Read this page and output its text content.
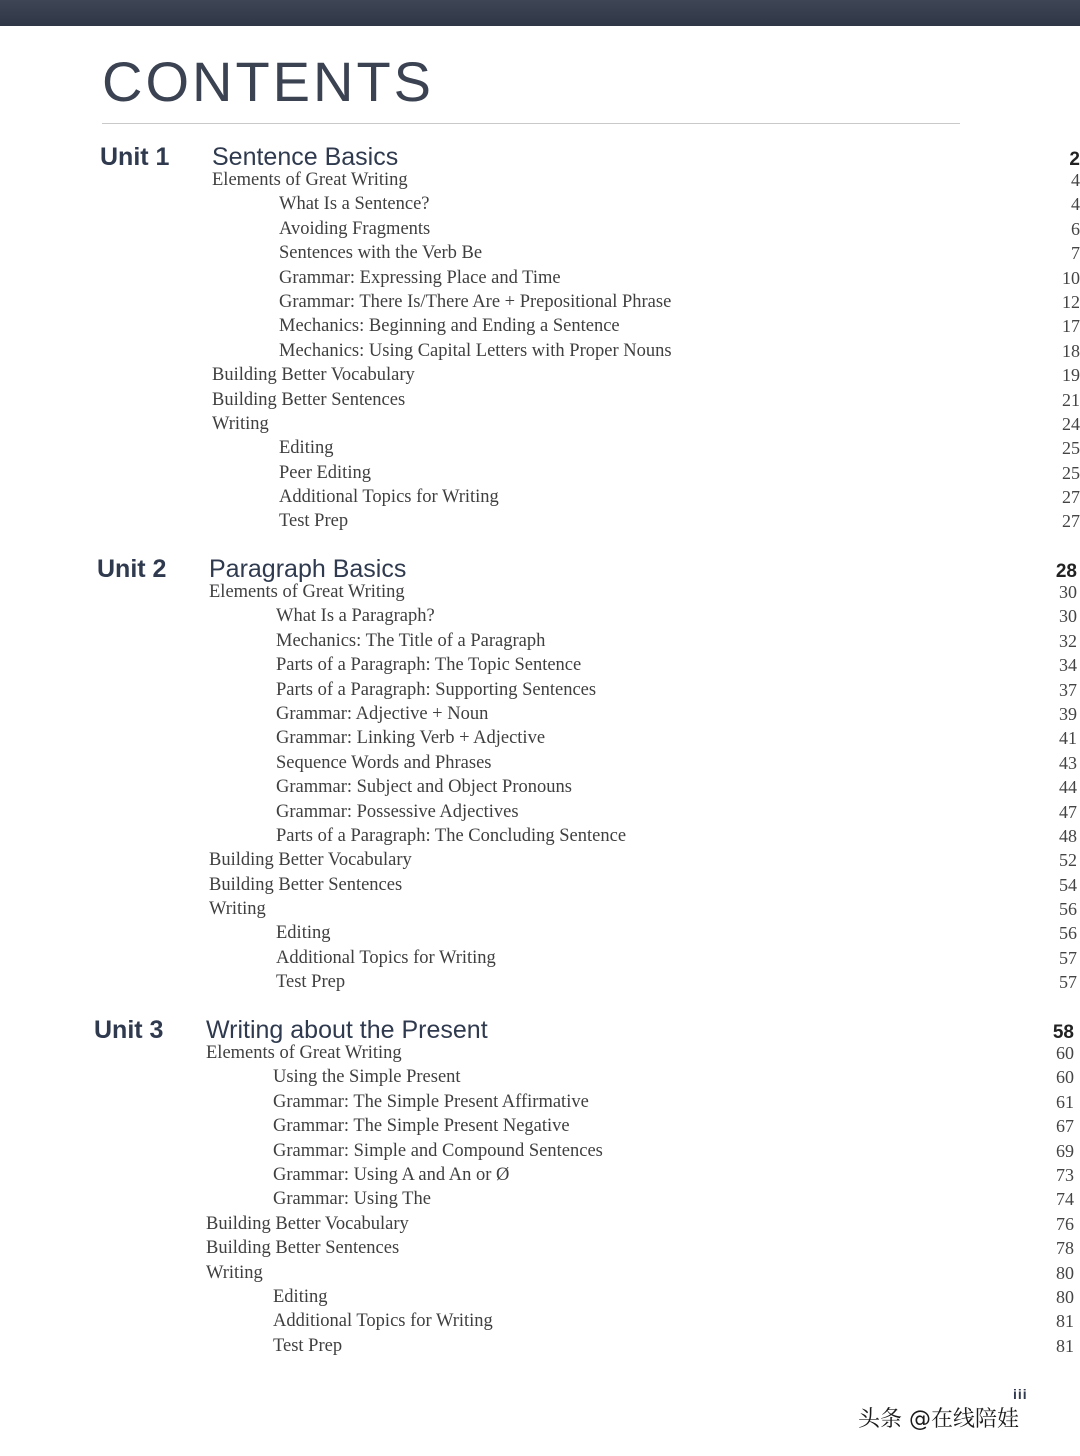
CONTENTS
Unit 1 Sentence Basics	2
Elements of Great Writing	4
What Is a Sentence?	4
Avoiding Fragments	6
Sentences with the Verb Be	7
Grammar: Expressing Place and Time	10
Grammar: There Is/There Are + Prepositional Phrase	12
Mechanics: Beginning and Ending a Sentence	17
Mechanics: Using Capital Letters with Proper Nouns	18
Building Better Vocabulary	19
Building Better Sentences	21
Writing	24
Editing	25
Peer Editing	25
Additional Topics for Writing	27
Test Prep	27
Unit 2 Paragraph Basics	28
Elements of Great Writing	30
What Is a Paragraph?	30
Mechanics: The Title of a Paragraph	32
Parts of a Paragraph: The Topic Sentence	34
Parts of a Paragraph: Supporting Sentences	37
Grammar: Adjective + Noun	39
Grammar: Linking Verb + Adjective	41
Sequence Words and Phrases	43
Grammar: Subject and Object Pronouns	44
Grammar: Possessive Adjectives	47
Parts of a Paragraph: The Concluding Sentence	48
Building Better Vocabulary	52
Building Better Sentences	54
Writing	56
Editing	56
Additional Topics for Writing	57
Test Prep	57
Unit 3 Writing about the Present	58
Elements of Great Writing	60
Using the Simple Present	60
Grammar: The Simple Present Affirmative	61
Grammar: The Simple Present Negative	67
Grammar: Simple and Compound Sentences	69
Grammar: Using A and An or Ø	73
Grammar: Using The	74
Building Better Vocabulary	76
Building Better Sentences	78
Writing	80
Editing	80
Additional Topics for Writing	81
Test Prep	81
iii
头条 @在线陪娃
